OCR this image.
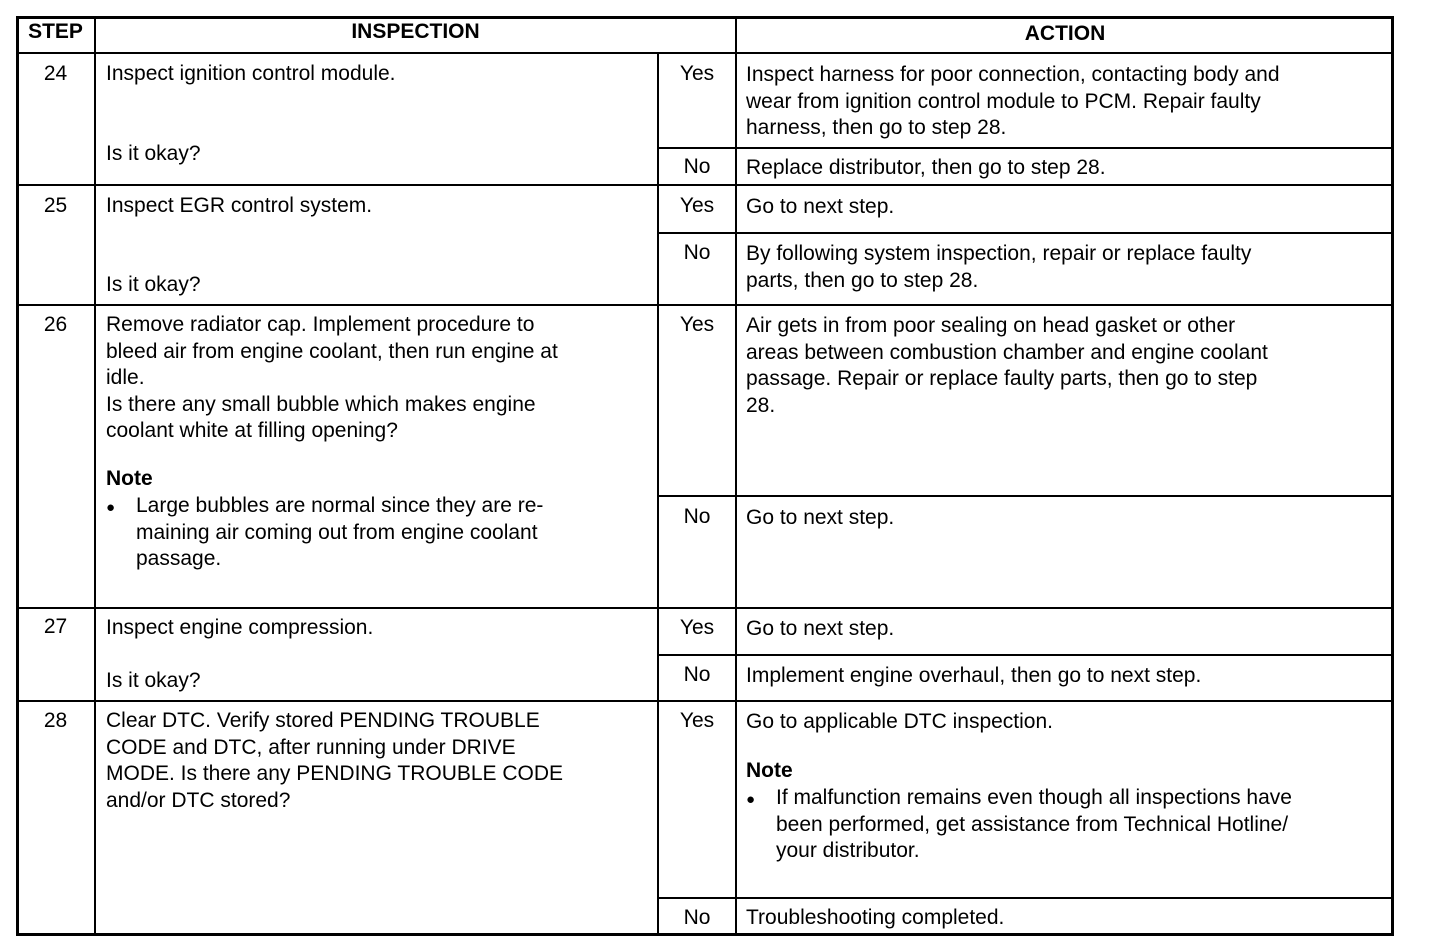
STEP	INSPECTION	ACTION
24	Inspect ignition control module.
Is it okay?
Yes	Inspect harness for poor connection, contacting body and
wear from ignition control module to PCM. Repair faulty
harness, then go to step 28.
No	Replace distributor, then go to step 28.
25	Inspect EGR control system.
Is it okay?
Yes	Go to next step.
No	By following system inspection, repair or replace faulty
parts, then go to step 28.
26	Remove radiator cap. Implement procedure to
bleed air from engine coolant, then run engine at
idle.
Is there any small bubble which makes engine
coolant white at filling opening?
Note
● Large bubbles are normal since they are re-
maining air coming out from engine coolant
passage.
Yes	Air gets in from poor sealing on head gasket or other
areas between combustion chamber and engine coolant
passage. Repair or replace faulty parts, then go to step
28.
No	Go to next step.
27	Inspect engine compression.
Is it okay?
Yes	Go to next step.
No	Implement engine overhaul, then go to next step.
28	Clear DTC. Verify stored PENDING TROUBLE
CODE and DTC, after running under DRIVE
MODE. Is there any PENDING TROUBLE CODE
and/or DTC stored?
Yes	Go to applicable DTC inspection.
Note
● If malfunction remains even though all inspections have
been performed, get assistance from Technical Hotline/
your distributor.
No	Troubleshooting completed.
